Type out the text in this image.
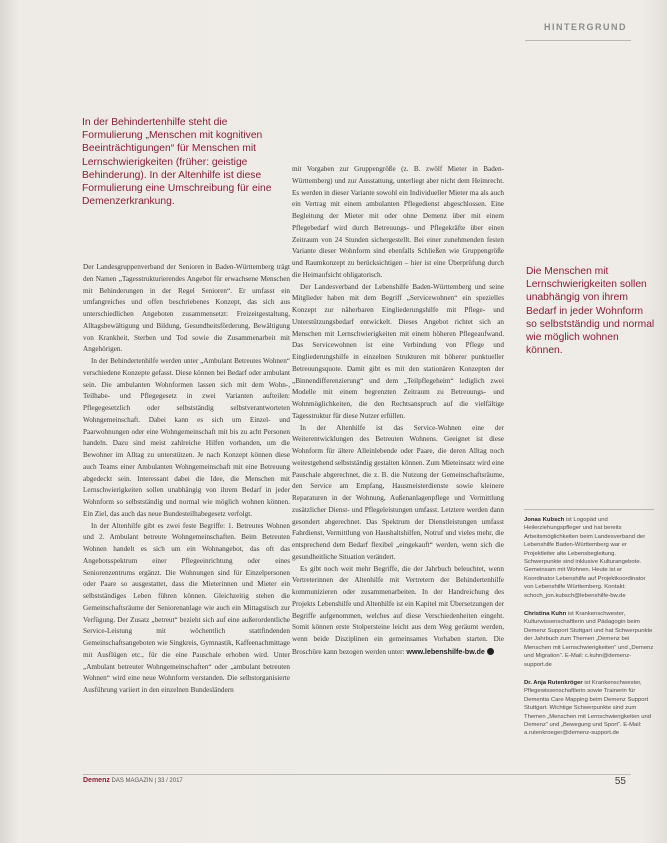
HINTERGRUND
In der Behindertenhilfe steht die Formulierung „Menschen mit kognitiven Beeinträchtigungen“ für Menschen mit Lernschwierigkeiten (früher: geistige Behinderung). In der Altenhilfe ist diese Formulierung eine Umschreibung für eine Demenzerkrankung.

Der Landesgruppenverband der Senioren in Baden-Württemberg trägt den Namen „Tagesstrukturierendes Angebot für erwachsene Menschen mit Behinderungen in der Regel Senioren“. Er umfasst ein umfangreiches und offen beschriebenes Konzept, das sich aus unterschiedlichen Angeboten zusammensetzt: Freizeitgestaltung, Alltagsbewältigung und Bildung, Gesundheitsförderung, Bewältigung von Krankheit, Sterben und Tod sowie die Zusammenarbeit mit Angehörigen.

In der Behindertenhilfe werden unter „Ambulant Betreutes Wohnen“ verschiedene Konzepte gefasst. Diese können bei Bedarf oder ambulant sein. Die ambulanten Wohnformen lassen sich mit dem Wohn-, Teilhabe- und Pflegegesetz in zwei Varianten aufteilen: Pflegegesetzlich oder selbstständig selbstverantworteten Wohngemeinschaft. Dabei kann es sich um Einzel- und Paarwohnungen oder eine Wohngemeinschaft mit bis zu acht Personen handeln. Dazu sind meist zahlreiche Hilfen vorhanden, um die Bewohner im Alltag zu unterstützen. Je nach Konzept können diese auch Teams einer Ambulanten Wohngemeinschaft mit eine Betreuung abgedeckt sein. Interessant dabei die Idee, die Menschen mit Lernschwierigkeiten sollen unabhängig von ihrem Bedarf in jeder Wohnform so selbstständig und normal wie möglich wohnen können. Ein Ziel, das auch das neue Bundesteilhabegesetz verfolgt.

In der Altenhilfe gibt es zwei feste Begriffe: 1. Betreutes Wohnen und 2. Ambulant betreute Wohngemeinschaften. Beim Betreuten Wohnen handelt es sich um ein Wohnangebot, das oft das Angebotsspektrum einer Pflegeeinrichtung oder eines Seniorenzentrums ergänzt. Die Wohnungen sind für Einzelpersonen oder Paare so ausgestattet, dass die Mieterinnen und Mieter ein selbstständiges Leben führen können. Gleichzeitig stehen die Gemeinschaftsräume der Seniorenanlage wie auch ein Mittagstisch zur Verfügung. Der Zusatz „betreut“ bezieht sich auf eine außerordentliche Service-Leistung mit wöchentlich stattfindenden Gemeinschaftsangeboten wie Singkreis, Gymnastik, Kaffeenachmittage mit Ausflügen etc., für die eine Pauschale erhoben wird. Unter „Ambulant betreuter Wohngemeinschaften“ oder „ambulant betreuten Wohnen“ wird eine neue Wohnform verstanden. Die selbstorganisierte Ausführung variiert in den einzelnen Bundesländern

mit Vorgaben zur Gruppengröße (z. B. zwölf Mieter in Baden-Württemberg) und zur Ausstattung, unterliegt aber nicht dem Heimrecht. Es werden in dieser Variante sowohl ein Individueller Mieter ma als auch ein Vertrag mit einem ambulanten Pflegedienst abgeschlossen. Eine Begleitung der Mieter mit oder ohne Demenz über mit einem Pflegebedarf wird durch Betreuungs- und Pflegekräfte über einen Zeitraum von 24 Stunden sichergestellt. Bei einer zunehmenden festen Variante dieser Wohnform sind ebenfalls Schließen wie Gruppengröße und Raumkonzept zu berücksichtigen – hier ist eine Überprüfung durch die Heimaufsicht obligatorisch.

Der Landesverband der Lebenshilfe Baden-Württemberg und seine Mitglieder haben mit dem Begriff „Servicewohnen“ ein spezielles Konzept zur näherbaren Eingliederungshilfe mit Pflege- und Unterstützungsbedarf entwickelt. Dieses Angebot richtet sich an Menschen mit Lernschwierigkeiten mit einem höheren Pflegeaufwand. Das Servicewohnen ist eine Verbindung von Pflege und Eingliederungshilfe in einzelnen Strukturen mit höherer punktueller Betreuungsquote. Damit gibt es mit den stationären Konzepten der „Binnendifferenzierung“ und dem „Teilpflegeheim“ lediglich zwei Modelle mit einem begrenzten Zeitraum zu Betreuungs- und Wohnmöglichkeiten, die den Rechtsanspruch auf die vielfältige Tagesstruktur für diese Nutzer erfüllen.

In der Altenhilfe ist das Service-Wohnen eine der Weiterentwicklungen des Betreuten Wohnens. Geeignet ist diese Wohnform für ältere Alleinlebende oder Paare, die deren Alltag noch weitestgehend selbstständig gestalten können. Zum Mieteinsatz wird eine Pauschale abgerechnet, die z. B. die Nutzung der Gemeinschaftsräume, den Service am Empfang, Hausmeisterdienste sowie kleinere Reparaturen in der Wohnung, Außenanlagenpflege und Vermittlung zusätzlicher Dienst- und Pflegeleistungen umfasst. Letztere werden dann gesondert abgerechnet. Das Spektrum der Dienstleistungen umfasst Fahrdienst, Vermittlung von Haushaltshilfen, Notruf und vieles mehr, die entsprechend dem Bedarf flexibel „eingekauft“ werden, wenn sich die gesundheitliche Situation verändert.

Es gibt noch weit mehr Begriffe, die der Jahrbuch beleuchtet, wenn Vertreterinnen der Altenhilfe mit Vertretern der Behindertenhilfe kommunizieren oder zusammenarbeiten. In der Handreichung des Projekts Lebenshilfe und Altenhilfe ist ein Kapitel mit Übersetzungen der Begriffe aufgenommen, welches auf diese Verschiedenheiten eingeht. Somit können erste Stolpersteine leicht aus dem Weg geräumt werden, wenn beide Disziplinen ein gemeinsames Vorhaben starten. Die Broschüre kann bezogen werden unter: www.lebenshilfe-bw.de

Die Menschen mit Lernschwierigkeiten sollen unabhängig von ihrem Bedarf in jeder Wohnform so selbstständig und normal wie möglich wohnen können.
Jonas Kubsch ist Logopäd und Heilerziehungspfleger und hat bereits Arbeitsmöglichkeiten beim Landesverband der Lebenshilfe Baden-Württemberg war er Projektleiter alte Lebensbegleitung. Schwerpunkte sind inklusive Kulturangebote. Gemeinsam mit Wohnen. Heute ist er Koordinator Lebenshilfe auf Projektkoordinator von Lebenshilfe Württemberg. Kontakt: schoch_jon.kubsch@lebenshilfe-bw.de
Christina Kuhn ist Krankenschwester, Kulturwissenschaftlerin und Pädagogin beim Demenz Support Stuttgart und hat Schwerpunkte der Jahrbuch zum Themen „Demenz bei Menschen mit Lernschwierigkeiten“ und „Demenz und Migration“. E-Mail: c.kuhn@demenz-support.de
Dr. Anja Rutenkröger ist Krankenschwester, Pflegewissenschaftlerin sowie Trainerin für Dementia Care Mapping beim Demenz Support Stuttgart. Wichtige Schwerpunkte sind zum Themen „Menschen mit Lernschwierigkeiten und Demenz“ und „Bewegung und Sport“. E-Mail: a.rutenkroeger@demenz-support.de
Demenz DAS MAGAZIN | 33 / 2017	55
